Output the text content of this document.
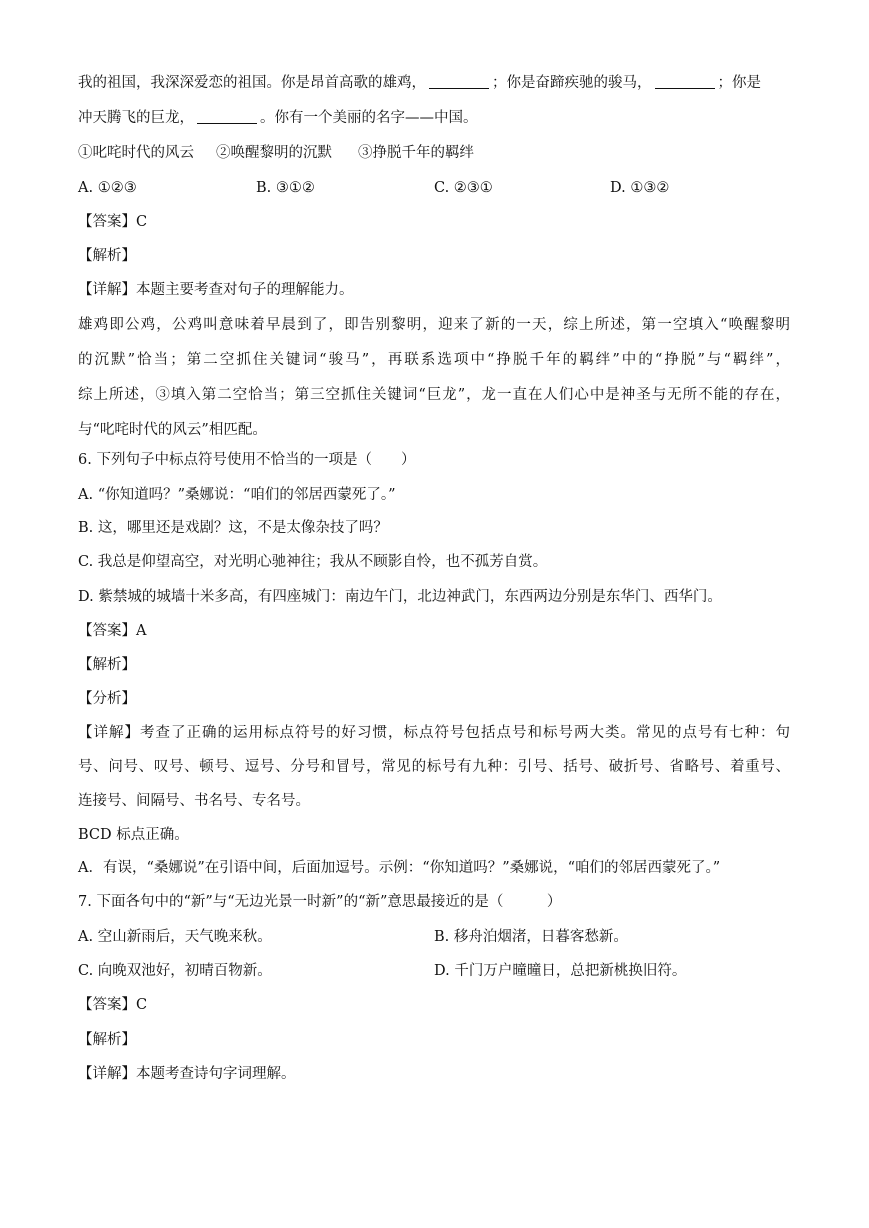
我的祖国，我深深爱恋的祖国。你是昂首高歌的雄鸡，	；你是奋蹄疾驰的骏马，	；你是
冲天腾飞的巨龙，	。你有一个美丽的名字——中国。
①叱咤时代的风云 ②唤醒黎明的沉默 ③挣脱千年的羁绊
A. ①②③	B. ③①②	C. ②③①	D. ①③②
【答案】C
【解析】
【详解】本题主要考查对句子的理解能力。
雄鸡即公鸡，公鸡叫意味着早晨到了，即告别黎明，迎来了新的一天，综上所述，第一空填入“唤醒黎明
的沉默”恰当；第二空抓住关键词“骏马”，再联系选项中“挣脱千年的羁绊”中的“挣脱”与“羁绊”，
综上所述，③填入第二空恰当；第三空抓住关键词“巨龙”，龙一直在人们心中是神圣与无所不能的存在，
与“叱咤时代的风云”相匹配。
6. 下列句子中标点符号使用不恰当的一项是（　　）
A. “你知道吗？”桑娜说：“咱们的邻居西蒙死了。”
B. 这，哪里还是戏剧？这，不是太像杂技了吗？
C. 我总是仰望高空，对光明心驰神往；我从不顾影自怜，也不孤芳自赏。
D. 紫禁城的城墙十米多高，有四座城门：南边午门，北边神武门，东西两边分别是东华门、西华门。
【答案】A
【解析】
【分析】
【详解】考查了正确的运用标点符号的好习惯，标点符号包括点号和标号两大类。常见的点号有七种：句
号、问号、叹号、顿号、逗号、分号和冒号，常见的标号有九种：引号、括号、破折号、省略号、着重号、
连接号、间隔号、书名号、专名号。
BCD 标点正确。
A．有误，“桑娜说”在引语中间，后面加逗号。示例：“你知道吗？”桑娜说，“咱们的邻居西蒙死了。”
7. 下面各句中的“新”与“无边光景一时新”的“新”意思最接近的是（　　　）
A. 空山新雨后，天气晚来秋。	B. 移舟泊烟渚，日暮客愁新。
C. 向晚双池好，初晴百物新。	D. 千门万户曈曈日，总把新桃换旧符。
【答案】C
【解析】
【详解】本题考查诗句字词理解。
